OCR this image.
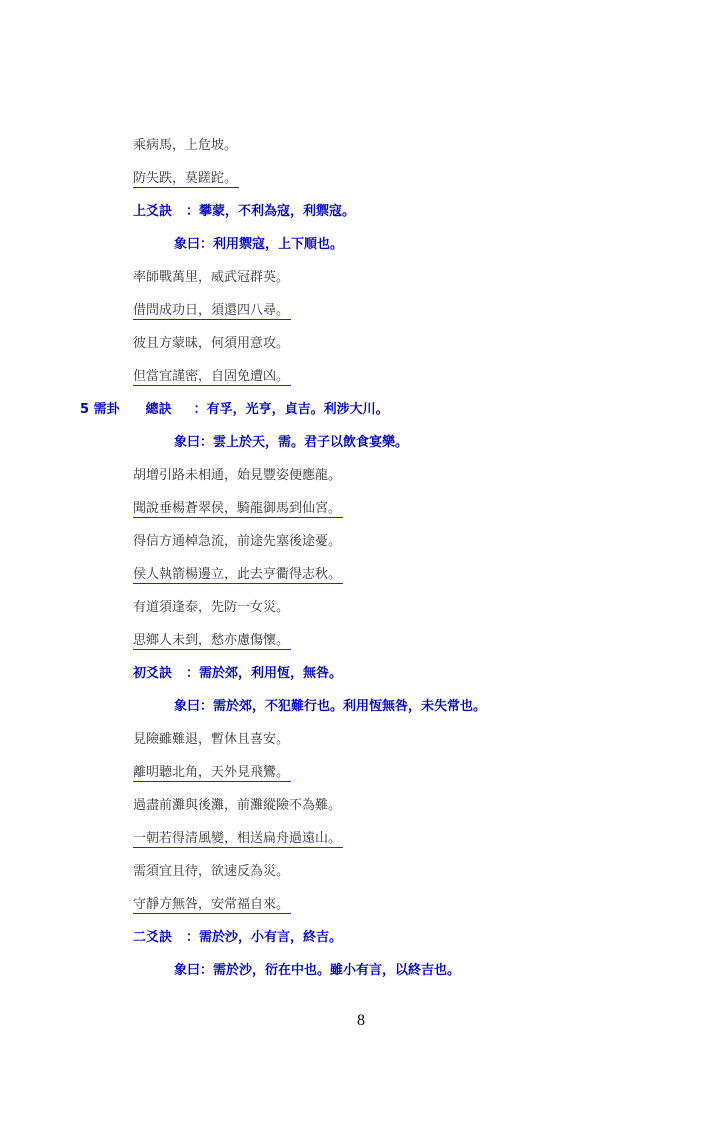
乘病馬，上危坡。
防失跌，莫蹉跎。
上爻訣 ：攀蒙，不利為寇，利禦寇。
象曰：利用禦寇，上下順也。
率師戰萬里，威武冠群英。
借問成功日，須還四八尋。
彼且方蒙昧，何須用意攻。
但當宜謹密，自固免遭凶。
5 需卦 總訣 ：有孚，光亨，貞吉。利涉大川。
象曰：雲上於天，需。君子以飲食宴樂。
胡增引路未相通，始見豐姿便應龍。
聞說垂楊蒼翠侯，騎龍御馬到仙宮。
得信方通棹急流，前途先塞後途憂。
侯人執箭楊邊立，此去亨衢得志秋。
有道須逢泰，先防一女災。
思鄉人未到，愁亦慮傷懷。
初爻訣 ：需於郊，利用恆，無咎。
象曰：需於郊，不犯難行也。利用恆無咎，未失常也。
見險雖難退，暫休且喜安。
離明聽北角，天外見飛鸞。
過盡前灘與後灘，前灘縱險不為難。
一朝若得清風變，相送扁舟過遠山。
需須宜且待，欲速反為災。
守靜方無咎，安常福自來。
二爻訣 ：需於沙，小有言，終吉。
象曰：需於沙，衍在中也。雖小有言，以終吉也。
8
